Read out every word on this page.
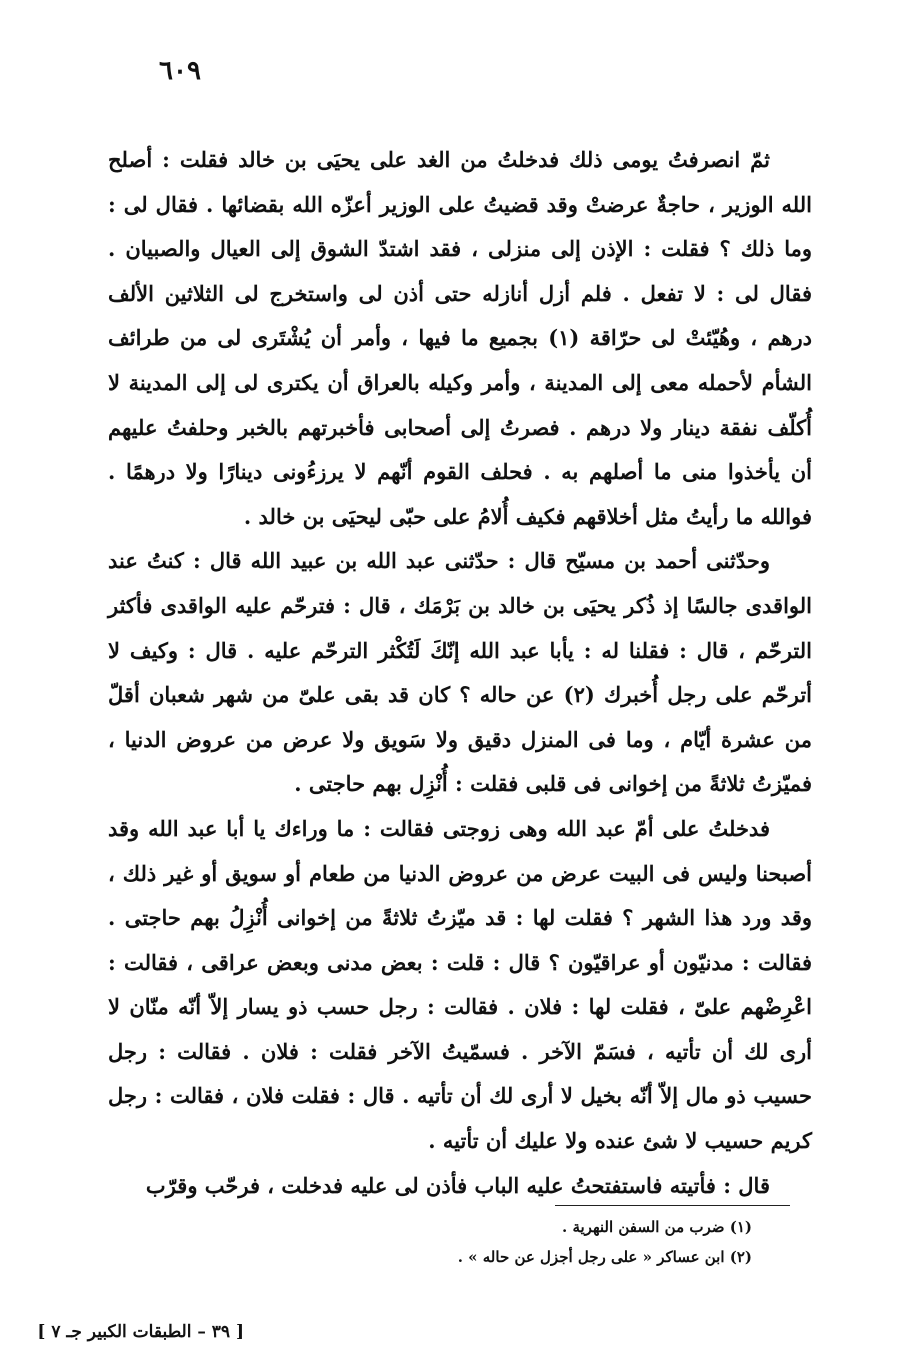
٦٠٩

ثمّ انصرفتُ يومى ذلك فدخلتُ من الغد على يحيَى بن خالد فقلت : أصلح الله الوزير ، حاجةٌ عرضتْ وقد قضيتُ على الوزير أعزّه الله بقضائها . فقال لى : وما ذلك ؟ فقلت : الإذن إلى منزلى ، فقد اشتدّ الشوق إلى العيال والصبيان . فقال لى : لا تفعل . فلم أزل أنازله حتى أذن لى واستخرج لى الثلاثين الألف درهم ، وهُيّئتْ لى حرّاقة (١) بجميع ما فيها ، وأمر أن يُشْتَرى لى من طرائف الشأم لأحمله معى إلى المدينة ، وأمر وكيله بالعراق أن يكترى لى إلى المدينة لا أُكلّف نفقة دينار ولا درهم . فصرتُ إلى أصحابى فأخبرتهم بالخبر وحلفتُ عليهم أن يأخذوا منى ما أصلهم به . فحلف القوم أنّهم لا يرزءُونى دينارًا ولا درهمًا . فوالله ما رأيتُ مثل أخلاقهم فكيف أُلامُ على حبّى ليحيَى بن خالد .

وحدّثنى أحمد بن مسيّح قال : حدّثنى عبد الله بن عبيد الله قال : كنتُ عند الواقدى جالسًا إذ ذُكر يحيَى بن خالد بن بَرْمَك ، قال : فترحّم عليه الواقدى فأكثر الترحّم ، قال : فقلنا له : يأبا عبد الله إنّكَ لَتُكْثر الترحّم عليه . قال : وكيف لا أترحّم على رجل أُخبرك (٢) عن حاله ؟ كان قد بقى علىّ من شهر شعبان أقلّ من عشرة أيّام ، وما فى المنزل دقيق ولا سَويق ولا عرض من عروض الدنيا ، فميّزتُ ثلاثةً من إخوانى فى قلبى فقلت : أُنْزِل بهم حاجتى .

فدخلتُ على أمّ عبد الله وهى زوجتى فقالت : ما وراءك يا أبا عبد الله وقد أصبحنا وليس فى البيت عرض من عروض الدنيا من طعام أو سويق أو غير ذلك ، وقد ورد هذا الشهر ؟ فقلت لها : قد ميّزتُ ثلاثةً من إخوانى أُنْزِلُ بهم حاجتى . فقالت : مدنيّون أو عراقيّون ؟ قال : قلت : بعض مدنى وبعض عراقى ، فقالت : اعْرِضْهم علىّ ، فقلت لها : فلان . فقالت : رجل حسب ذو يسار إلاّ أنّه منّان لا أرى لك أن تأتيه ، فسَمّ الآخر . فسمّيتُ الآخر فقلت : فلان . فقالت : رجل حسيب ذو مال إلاّ أنّه بخيل لا أرى لك أن تأتيه . قال : فقلت فلان ، فقالت : رجل كريم حسيب لا شئ عنده ولا عليك أن تأتيه .

قال : فأتيته فاستفتحتُ عليه الباب فأذن لى عليه فدخلت ، فرحّب وقرّب

(١) ضرب من السفن النهرية .
(٢) ابن عساكر « على رجل أجزل عن حاله » .
[ ٣٩ – الطبقات الكبير جـ ٧ ]
